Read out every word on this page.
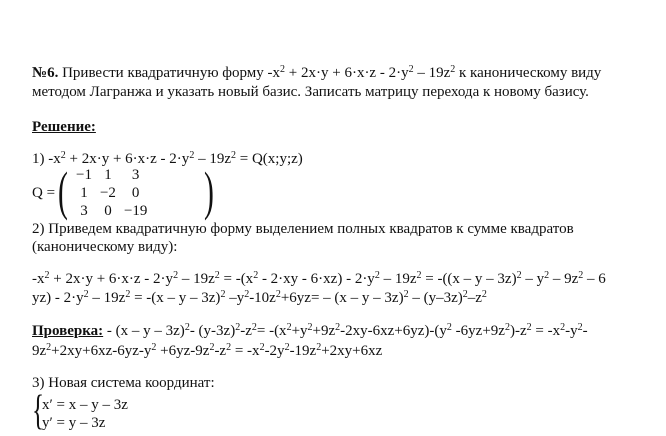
№6. Привести квадратичную форму $-x^2 + 2x\cdot y + 6\cdot x\cdot z - 2\cdot y^2 - 19z^2$ к каноническому виду
методом Лагранжа и указать новый базис. Записать матрицу перехода к новому базису.
Решение:
1) $-x^2 + 2x\cdot y + 6\cdot x\cdot z - 2\cdot y^2 - 19z^2$ = Q(x;y;z)
Q = ( −1	1	3
1	−2	0
3	0	−19 )
2) Приведем квадратичную форму выделением полных квадратов к сумме квадратов
(каноническому виду):
$-x^2 + 2x\cdot y + 6\cdot x\cdot z - 2\cdot y^2 - 19z^2 = -(x^2 - 2\cdot xy - 6\cdot xz) - 2\cdot y^2 - 19z^2 = -((x - y - 3z)^2 - y^2 - 9z^2 - 6$
$yz) - 2\cdot y^2 - 19z^2 = -(x - y - 3z)^2$ $-y^2-10z^2+6yz= - (x - y - 3z)^2 - (y-3z)^2-z^2$
Проверка: - (x – y – 3z)$^2$- $(y-3z)^2-z^2= -(x^2+y^2+9z^2-2xy-6xz+6yz)-(y^2$ $-6yz+9z^2)-z^2 = -x^2-y^2-$
$9z^2+2xy+6xz-6yz-y^2 +6yz-9z^2-z^2 = -x^2-2y^2-19z^2+2xy+6xz$
3) Новая система координат:
{
x′ = x – y – 3z
y′ = y – 3z
